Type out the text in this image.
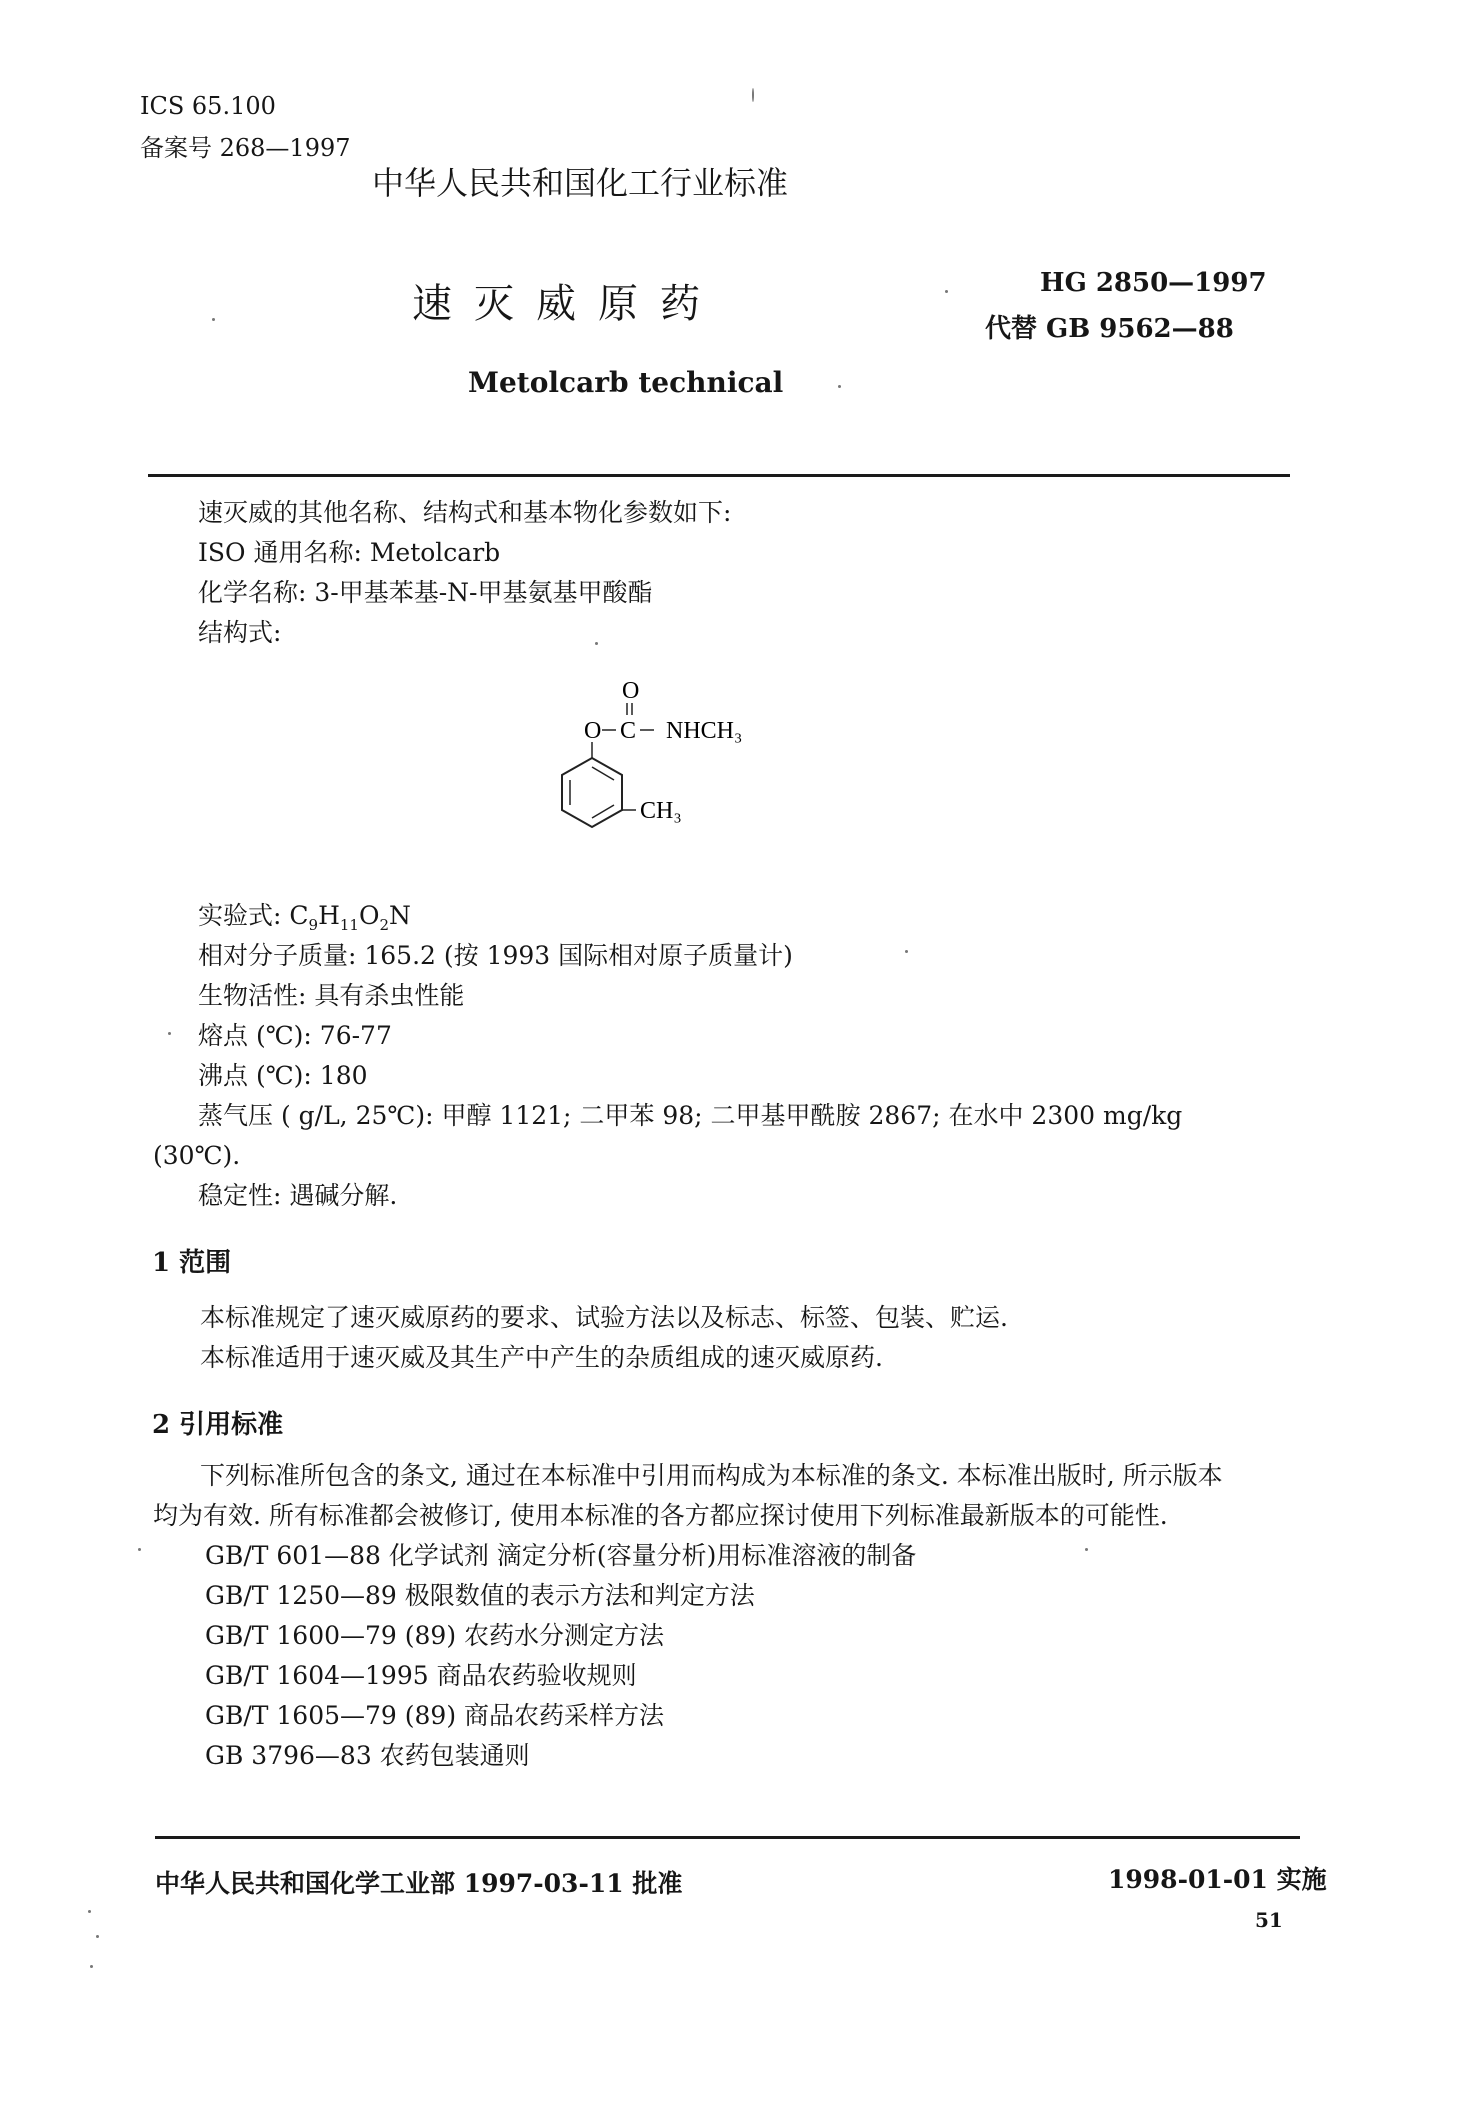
ICS 65.100
备案号 268—1997
中华人民共和国化工行业标准
速灭威原药	HG 2850—1997
代替 GB 9562—88
Metolcarb technical
速灭威的其他名称、结构式和基本物化参数如下:
ISO 通用名称: Metolcarb
化学名称: 3-甲基苯基-N-甲基氨基甲酸酯
结构式:
O
O C NHCH₃
CH₃
实验式: $C_9H_{11}O_2N$
相对分子质量: 165.2 (按 1993 国际相对原子质量计)
生物活性: 具有杀虫性能
熔点 (℃): 76-77
沸点 (℃): 180
蒸气压 ( g/L, 25℃): 甲醇 1121; 二甲苯 98; 二甲基甲酰胺 2867; 在水中 2300 mg/kg
(30℃).
稳定性: 遇碱分解.
1 范围
本标准规定了速灭威原药的要求、试验方法以及标志、标签、包装、贮运.
本标准适用于速灭威及其生产中产生的杂质组成的速灭威原药.
2 引用标准
下列标准所包含的条文, 通过在本标准中引用而构成为本标准的条文. 本标准出版时, 所示版本
均为有效. 所有标准都会被修订, 使用本标准的各方都应探讨使用下列标准最新版本的可能性.
GB/T 601—88 化学试剂 滴定分析(容量分析)用标准溶液的制备
GB/T 1250—89 极限数值的表示方法和判定方法
GB/T 1600—79 (89) 农药水分测定方法
GB/T 1604—1995 商品农药验收规则
GB/T 1605—79 (89) 商品农药采样方法
GB 3796—83 农药包装通则
中华人民共和国化学工业部 1997-03-11 批准	1998-01-01 实施
51
